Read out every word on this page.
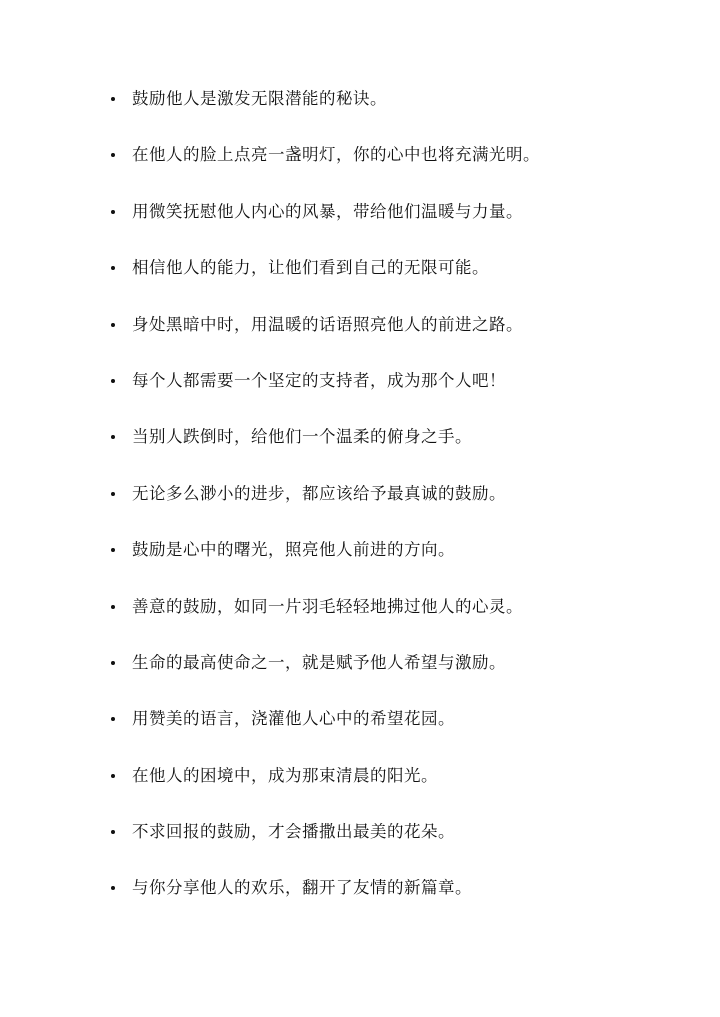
鼓励他人是激发无限潜能的秘诀。
在他人的脸上点亮一盏明灯，你的心中也将充满光明。
用微笑抚慰他人内心的风暴，带给他们温暖与力量。
相信他人的能力，让他们看到自己的无限可能。
身处黑暗中时，用温暖的话语照亮他人的前进之路。
每个人都需要一个坚定的支持者，成为那个人吧！
当别人跌倒时，给他们一个温柔的俯身之手。
无论多么渺小的进步，都应该给予最真诚的鼓励。
鼓励是心中的曙光，照亮他人前进的方向。
善意的鼓励，如同一片羽毛轻轻地拂过他人的心灵。
生命的最高使命之一，就是赋予他人希望与激励。
用赞美的语言，浇灌他人心中的希望花园。
在他人的困境中，成为那束清晨的阳光。
不求回报的鼓励，才会播撒出最美的花朵。
与你分享他人的欢乐，翻开了友情的新篇章。
